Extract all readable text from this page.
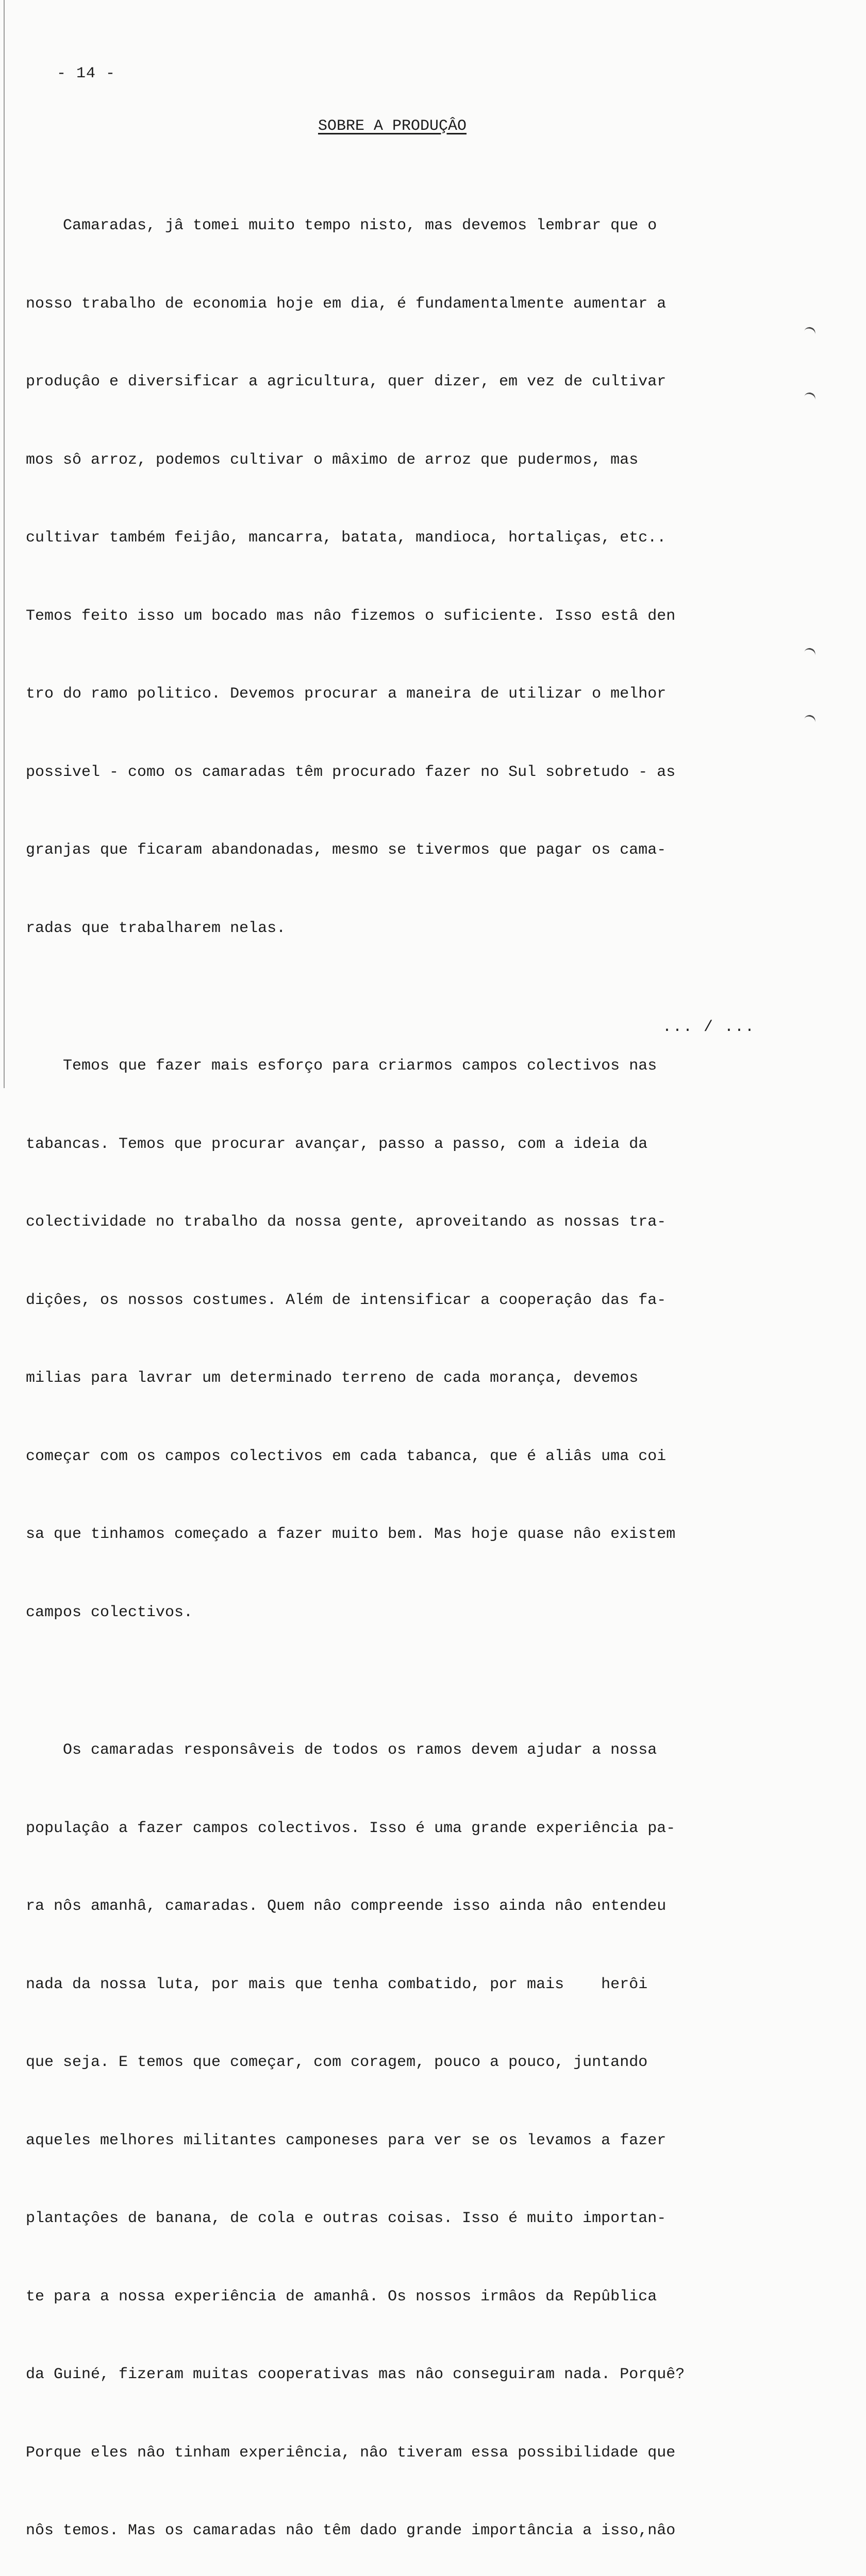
- 14 -
SOBRE A PRODUÇÂO

Camaradas, jâ tomei muito tempo nisto, mas devemos lembrar que o

nosso trabalho de economia hoje em dia, é fundamentalmente aumentar a

produçâo e diversificar a agricultura, quer dizer, em vez de cultivar

mos sô arroz, podemos cultivar o mâximo de arroz que pudermos, mas

cultivar também feijâo, mancarra, batata, mandioca, hortaliças, etc..

Temos feito isso um bocado mas nâo fizemos o suficiente. Isso estâ den

tro do ramo politico. Devemos procurar a maneira de utilizar o melhor

possivel - como os camaradas têm procurado fazer no Sul sobretudo - as

granjas que ficaram abandonadas, mesmo se tivermos que pagar os cama-

radas que trabalharem nelas.

Temos que fazer mais esforço para criarmos campos colectivos nas

tabancas. Temos que procurar avançar, passo a passo, com a ideia da

colectividade no trabalho da nossa gente, aproveitando as nossas tra-

diçôes, os nossos costumes. Além de intensificar a cooperaçâo das fa-

milias para lavrar um determinado terreno de cada morança, devemos

começar com os campos colectivos em cada tabanca, que é aliâs uma coi

sa que tinhamos começado a fazer muito bem. Mas hoje quase nâo existem

campos colectivos.

Os camaradas responsâveis de todos os ramos devem ajudar a nossa

populaçâo a fazer campos colectivos. Isso é uma grande experiência pa-

ra nôs amanhâ, camaradas. Quem nâo compreende isso ainda nâo entendeu

nada da nossa luta, por mais que tenha combatido, por mais    herôi

que seja. E temos que começar, com coragem, pouco a pouco, juntando

aqueles melhores militantes camponeses para ver se os levamos a fazer

plantaçôes de banana, de cola e outras coisas. Isso é muito importan-

te para a nossa experiência de amanhâ. Os nossos irmâos da Repûblica

da Guiné, fizeram muitas cooperativas mas nâo conseguiram nada. Porquê?

Porque eles nâo tinham experiência, nâo tiveram essa possibilidade que

nôs temos. Mas os camaradas nâo têm dado grande importância a isso,nâo

... / ...
